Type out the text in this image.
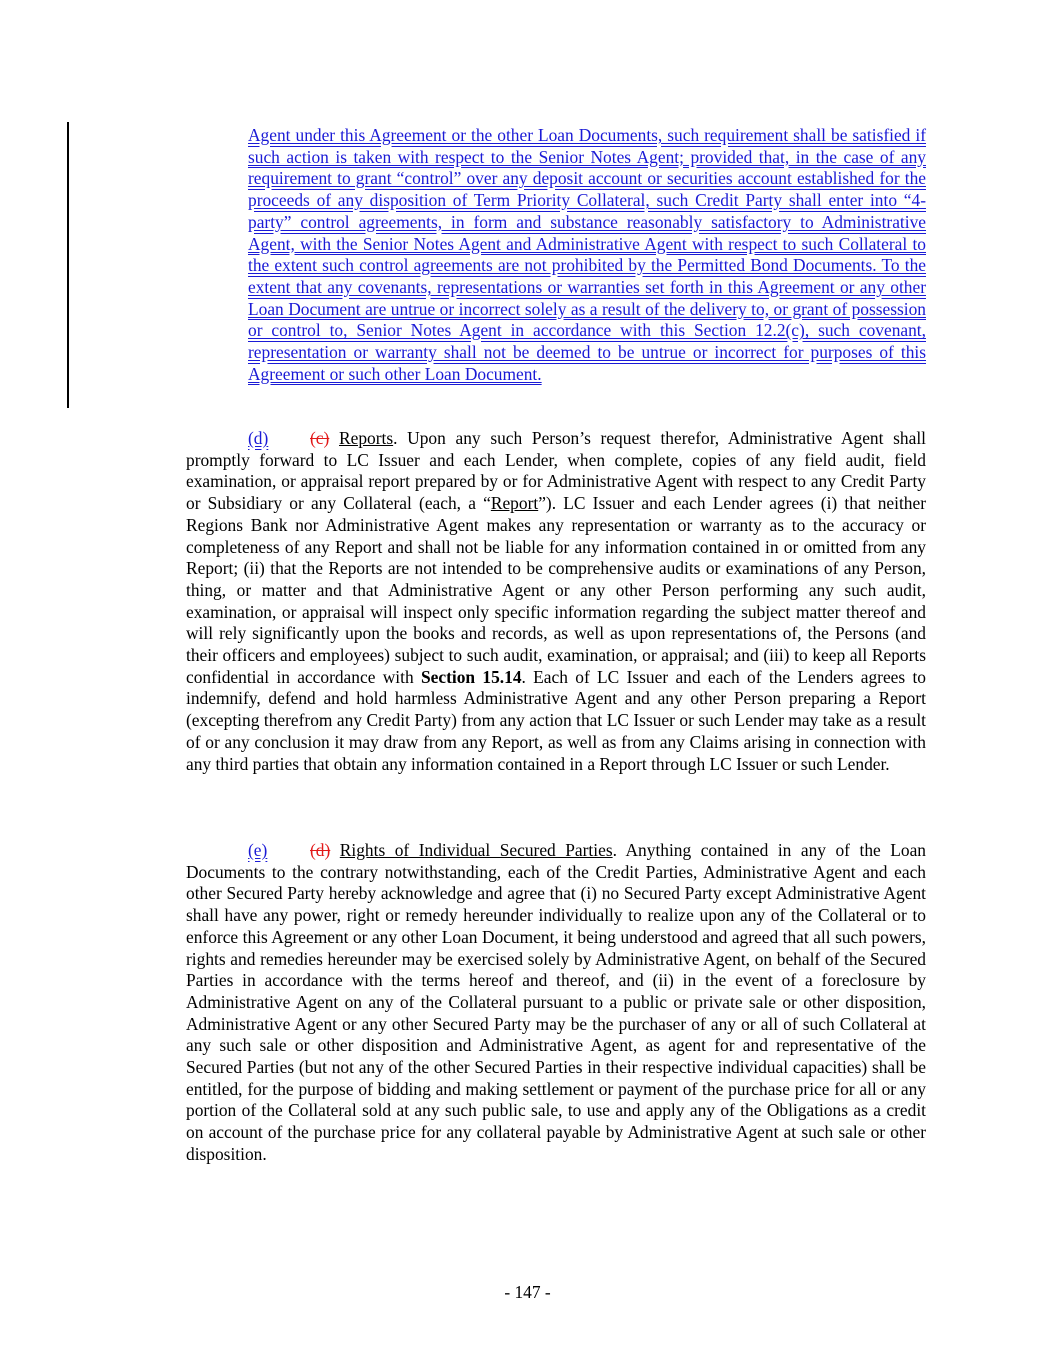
Agent under this Agreement or the other Loan Documents, such requirement shall be satisfied if such action is taken with respect to the Senior Notes Agent; provided that, in the case of any requirement to grant “control” over any deposit account or securities account established for the proceeds of any disposition of Term Priority Collateral, such Credit Party shall enter into “4-party” control agreements, in form and substance reasonably satisfactory to Administrative Agent, with the Senior Notes Agent and Administrative Agent with respect to such Collateral to the extent such control agreements are not prohibited by the Permitted Bond Documents. To the extent that any covenants, representations or warranties set forth in this Agreement or any other Loan Document are untrue or incorrect solely as a result of the delivery to, or grant of possession or control to, Senior Notes Agent in accordance with this Section 12.2(c), such covenant, representation or warranty shall not be deemed to be untrue or incorrect for purposes of this Agreement or such other Loan Document.

(d) (c) Reports. Upon any such Person’s request therefor, Administrative Agent shall promptly forward to LC Issuer and each Lender, when complete, copies of any field audit, field examination, or appraisal report prepared by or for Administrative Agent with respect to any Credit Party or Subsidiary or any Collateral (each, a “Report”). LC Issuer and each Lender agrees (i) that neither Regions Bank nor Administrative Agent makes any representation or warranty as to the accuracy or completeness of any Report and shall not be liable for any information contained in or omitted from any Report; (ii) that the Reports are not intended to be comprehensive audits or examinations of any Person, thing, or matter and that Administrative Agent or any other Person performing any such audit, examination, or appraisal will inspect only specific information regarding the subject matter thereof and will rely significantly upon the books and records, as well as upon representations of, the Persons (and their officers and employees) subject to such audit, examination, or appraisal; and (iii) to keep all Reports confidential in accordance with Section 15.14. Each of LC Issuer and each of the Lenders agrees to indemnify, defend and hold harmless Administrative Agent and any other Person preparing a Report (excepting therefrom any Credit Party) from any action that LC Issuer or such Lender may take as a result of or any conclusion it may draw from any Report, as well as from any Claims arising in connection with any third parties that obtain any information contained in a Report through LC Issuer or such Lender.

(e) (d) Rights of Individual Secured Parties. Anything contained in any of the Loan Documents to the contrary notwithstanding, each of the Credit Parties, Administrative Agent and each other Secured Party hereby acknowledge and agree that (i) no Secured Party except Administrative Agent shall have any power, right or remedy hereunder individually to realize upon any of the Collateral or to enforce this Agreement or any other Loan Document, it being understood and agreed that all such powers, rights and remedies hereunder may be exercised solely by Administrative Agent, on behalf of the Secured Parties in accordance with the terms hereof and thereof, and (ii) in the event of a foreclosure by Administrative Agent on any of the Collateral pursuant to a public or private sale or other disposition, Administrative Agent or any other Secured Party may be the purchaser of any or all of such Collateral at any such sale or other disposition and Administrative Agent, as agent for and representative of the Secured Parties (but not any of the other Secured Parties in their respective individual capacities) shall be entitled, for the purpose of bidding and making settlement or payment of the purchase price for all or any portion of the Collateral sold at any such public sale, to use and apply any of the Obligations as a credit on account of the purchase price for any collateral payable by Administrative Agent at such sale or other disposition.

- 147 -
